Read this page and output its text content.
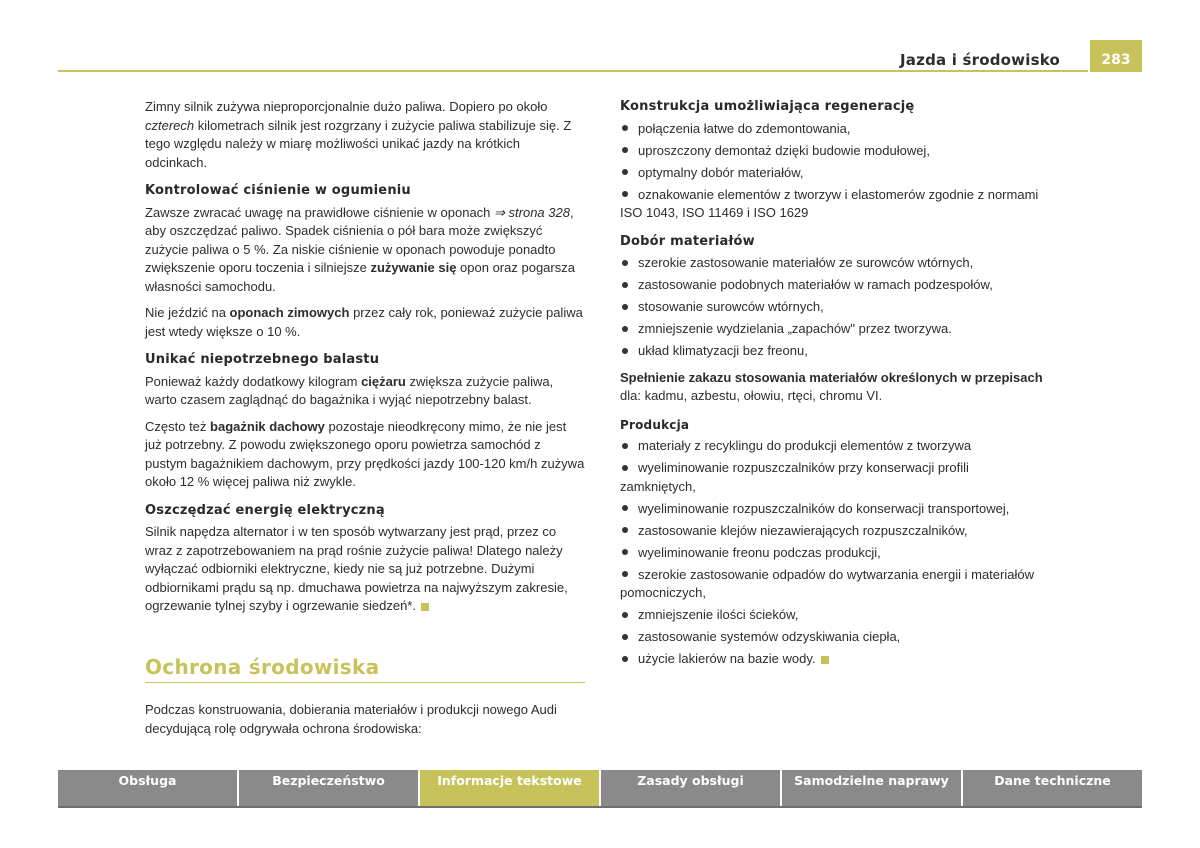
Jazda i środowisko	283

Zimny silnik zużywa nieproporcjonalnie dużo paliwa. Dopiero po około czterech kilometrach silnik jest rozgrzany i zużycie paliwa stabilizuje się. Z tego względu należy w miarę możliwości unikać jazdy na krótkich odcinkach.

Kontrolować ciśnienie w ogumieniu

Zawsze zwracać uwagę na prawidłowe ciśnienie w oponach ⇒ strona 328, aby oszczędzać paliwo. Spadek ciśnienia o pół bara może zwiększyć zużycie paliwa o 5 %. Za niskie ciśnienie w oponach powoduje ponadto zwiększenie oporu toczenia i silniejsze zużywanie się opon oraz pogarsza własności samochodu.

Nie jeździć na oponach zimowych przez cały rok, ponieważ zużycie paliwa jest wtedy większe o 10 %.

Unikać niepotrzebnego balastu

Ponieważ każdy dodatkowy kilogram ciężaru zwiększa zużycie paliwa, warto czasem zaglądnąć do bagażnika i wyjąć niepotrzebny balast.

Często też bagażnik dachowy pozostaje nieodkręcony mimo, że nie jest już potrzebny. Z powodu zwiększonego oporu powietrza samochód z pustym bagażnikiem dachowym, przy prędkości jazdy 100-120 km/h zużywa około 12 % więcej paliwa niż zwykle.

Oszczędzać energię elektryczną

Silnik napędza alternator i w ten sposób wytwarzany jest prąd, przez co wraz z zapotrzebowaniem na prąd rośnie zużycie paliwa! Dlatego należy wyłączać odbiorniki elektryczne, kiedy nie są już potrzebne. Dużymi odbiornikami prądu są np. dmuchawa powietrza na najwyższym zakresie, ogrzewanie tylnej szyby i ogrzewanie siedzeń*.

Ochrona środowiska

Podczas konstruowania, dobierania materiałów i produkcji nowego Audi decydującą rolę odgrywała ochrona środowiska:

Konstrukcja umożliwiająca regenerację
połączenia łatwe do zdemontowania,
uproszczony demontaż dzięki budowie modułowej,
optymalny dobór materiałów,
oznakowanie elementów z tworzyw i elastomerów zgodnie z normami ISO 1043, ISO 11469 i ISO 1629
Dobór materiałów
szerokie zastosowanie materiałów ze surowców wtórnych,
zastosowanie podobnych materiałów w ramach podzespołów,
stosowanie surowców wtórnych,
zmniejszenie wydzielania „zapachów" przez tworzywa.
układ klimatyzacji bez freonu,

Spełnienie zakazu stosowania materiałów określonych w przepisach dla: kadmu, azbestu, ołowiu, rtęci, chromu VI.

Produkcja
materiały z recyklingu do produkcji elementów z tworzywa
wyeliminowanie rozpuszczalników przy konserwacji profili zamkniętych,
wyeliminowanie rozpuszczalników do konserwacji transportowej,
zastosowanie klejów niezawierających rozpuszczalników,
wyeliminowanie freonu podczas produkcji,
szerokie zastosowanie odpadów do wytwarzania energii i materiałów pomocniczych,
zmniejszenie ilości ścieków,
zastosowanie systemów odzyskiwania ciepła,
użycie lakierów na bazie wody.
Obsługa	Bezpieczeństwo	Informacje tekstowe	Zasady obsługi	Samodzielne naprawy	Dane techniczne
